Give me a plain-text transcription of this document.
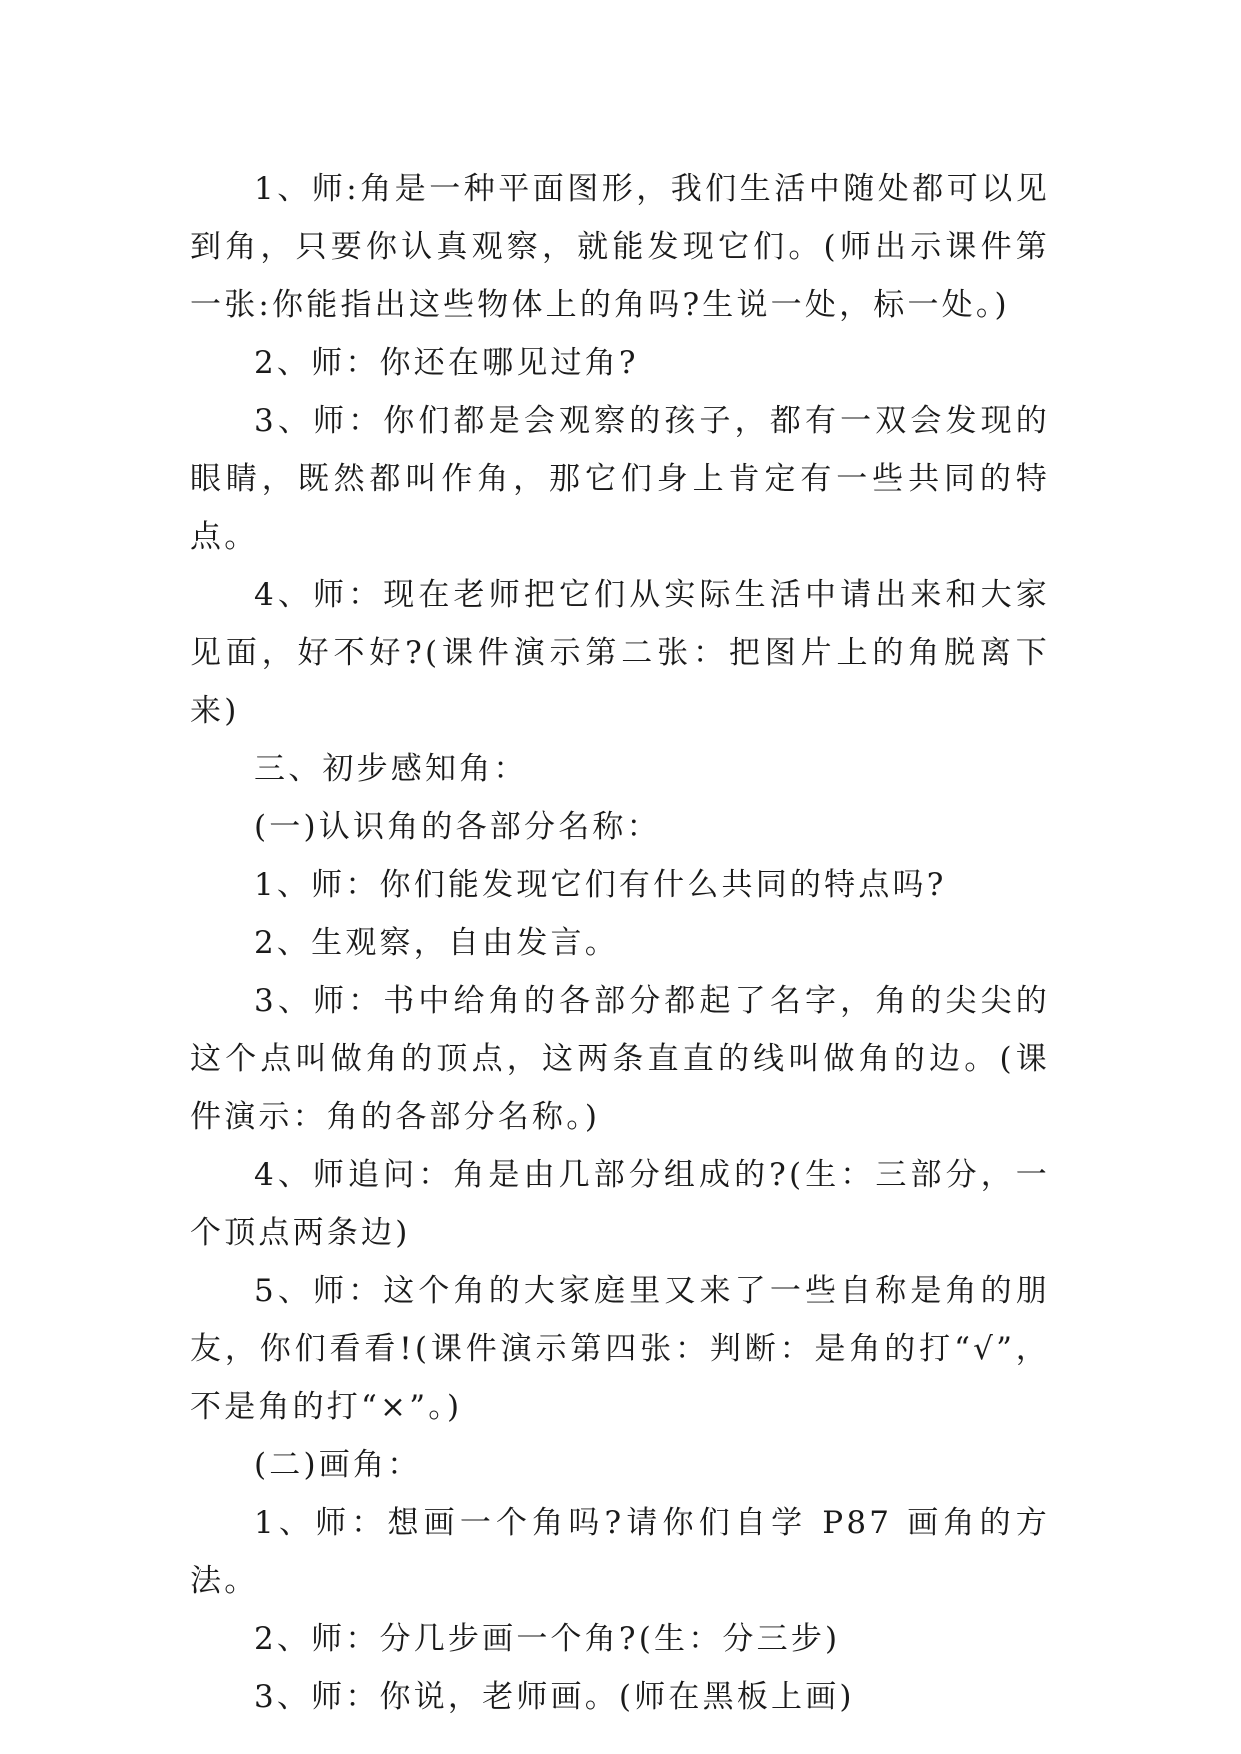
1、师:角是一种平面图形，我们生活中随处都可以见到角，只要你认真观察，就能发现它们。(师出示课件第一张:你能指出这些物体上的角吗?生说一处，标一处。)

2、师：你还在哪见过角?

3、师：你们都是会观察的孩子，都有一双会发现的眼睛，既然都叫作角，那它们身上肯定有一些共同的特点。

4、师：现在老师把它们从实际生活中请出来和大家见面，好不好?(课件演示第二张：把图片上的角脱离下来)

三、初步感知角：

(一)认识角的各部分名称：

1、师：你们能发现它们有什么共同的特点吗?

2、生观察，自由发言。

3、师：书中给角的各部分都起了名字，角的尖尖的这个点叫做角的顶点，这两条直直的线叫做角的边。(课件演示：角的各部分名称。)

4、师追问：角是由几部分组成的?(生：三部分，一个顶点两条边)

5、师：这个角的大家庭里又来了一些自称是角的朋友，你们看看!(课件演示第四张：判断：是角的打“√”，不是角的打“×”。)

(二)画角：

1、师：想画一个角吗?请你们自学 P87 画角的方法。

2、师：分几步画一个角?(生：分三步)

3、师：你说，老师画。(师在黑板上画)
